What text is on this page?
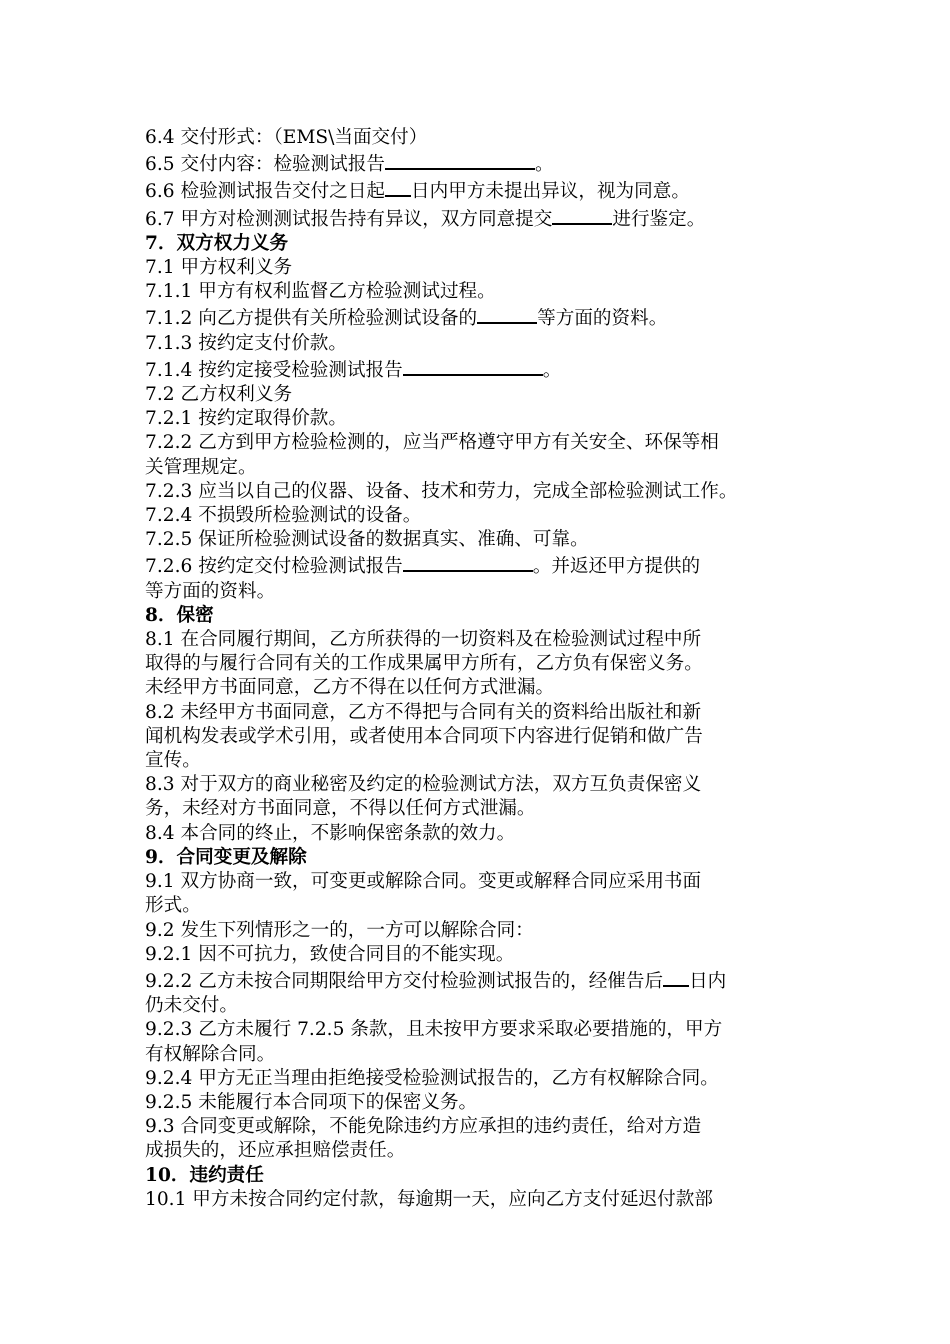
6.4 交付形式：（EMS\当面交付）
6.5 交付内容：检验测试报告	。
6.6 检验测试报告交付之日起 日内甲方未提出异议，视为同意。
6.7 甲方对检测测试报告持有异议，双方同意提交	进行鉴定。
7．双方权力义务
7.1 甲方权利义务
7.1.1 甲方有权利监督乙方检验测试过程。
7.1.2 向乙方提供有关所检验测试设备的	等方面的资料。
7.1.3 按约定支付价款。
7.1.4 按约定接受检验测试报告	。
7.2 乙方权利义务
7.2.1 按约定取得价款。
7.2.2 乙方到甲方检验检测的，应当严格遵守甲方有关安全、环保等相
关管理规定。
7.2.3 应当以自己的仪器、设备、技术和劳力，完成全部检验测试工作。
7.2.4 不损毁所检验测试的设备。
7.2.5 保证所检验测试设备的数据真实、准确、可靠。
7.2.6 按约定交付检验测试报告	。并返还甲方提供的
等方面的资料。
8．保密
8.1 在合同履行期间，乙方所获得的一切资料及在检验测试过程中所
取得的与履行合同有关的工作成果属甲方所有，乙方负有保密义务。
未经甲方书面同意，乙方不得在以任何方式泄漏。
8.2 未经甲方书面同意，乙方不得把与合同有关的资料给出版社和新
闻机构发表或学术引用，或者使用本合同项下内容进行促销和做广告
宣传。
8.3 对于双方的商业秘密及约定的检验测试方法，双方互负责保密义
务，未经对方书面同意，不得以任何方式泄漏。
8.4 本合同的终止，不影响保密条款的效力。
9．合同变更及解除
9.1 双方协商一致，可变更或解除合同。变更或解释合同应采用书面
形式。
9.2 发生下列情形之一的，一方可以解除合同：
9.2.1 因不可抗力，致使合同目的不能实现。
9.2.2 乙方未按合同期限给甲方交付检验测试报告的，经催告后 日内
仍未交付。
9.2.3 乙方未履行 7.2.5 条款，且未按甲方要求采取必要措施的，甲方
有权解除合同。
9.2.4 甲方无正当理由拒绝接受检验测试报告的，乙方有权解除合同。
9.2.5 未能履行本合同项下的保密义务。
9.3 合同变更或解除，不能免除违约方应承担的违约责任，给对方造
成损失的，还应承担赔偿责任。
10．违约责任
10.1 甲方未按合同约定付款，每逾期一天，应向乙方支付延迟付款部
